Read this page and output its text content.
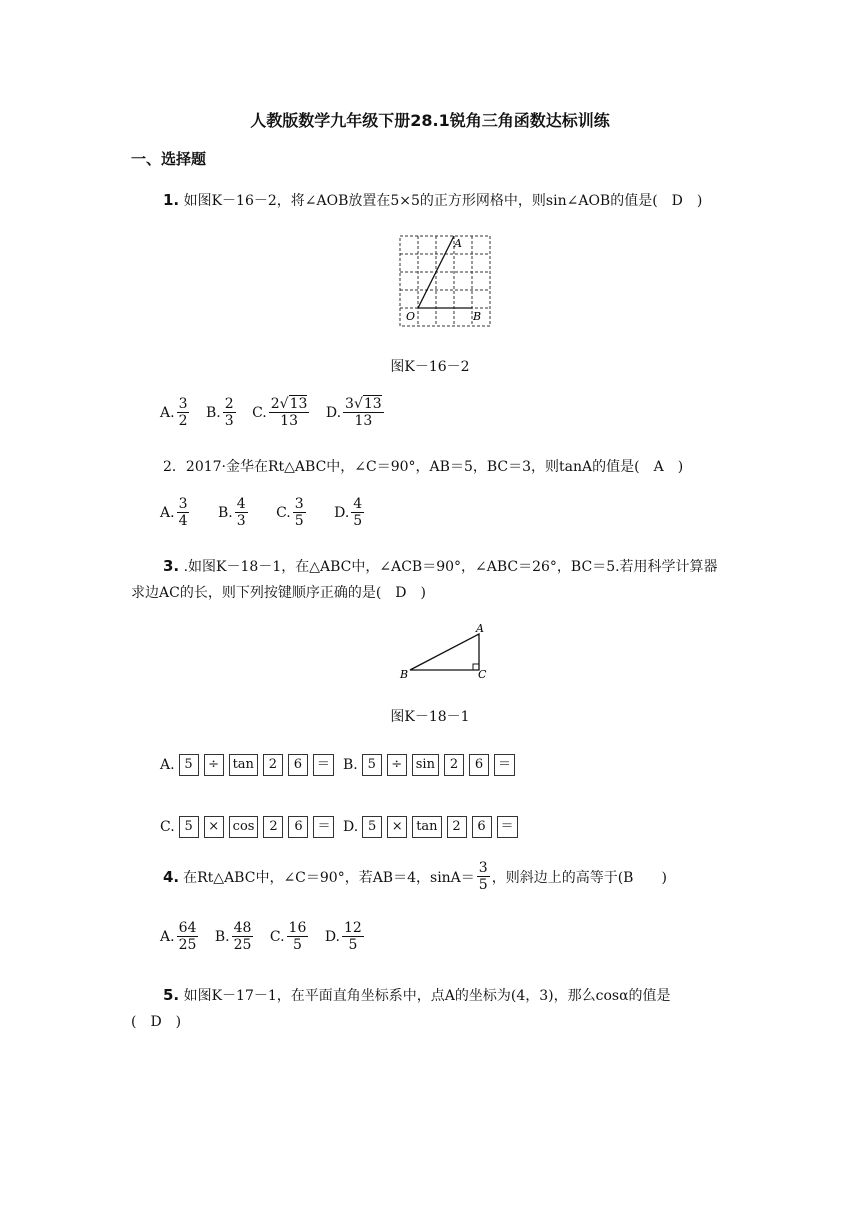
人教版数学九年级下册28.1锐角三角函数达标训练
一、选择题
1. 如图K－16－2，将∠AOB放置在5×5的正方形网格中，则sin∠AOB的值是(　D　)
A
O	B
图K－16－2
A. $\frac{3}{2}$
B. $\frac{2}{3}$
C. $\frac{2√13}{13}$
D. $\frac{3√13}{13}$
2．2017·金华在Rt△ABC中，∠C＝90°，AB＝5，BC＝3，则tanA的值是(　A　)
A. $\frac{3}{4}$
B. $\frac{4}{3}$
C. $\frac{3}{5}$
D. $\frac{4}{5}$
3. .如图K－18－1，在△ABC中，∠ACB＝90°，∠ABC＝26°，BC＝5.若用科学计算器
求边AC的长，则下列按键顺序正确的是(　D　)
A
B	C
图K－18－1
A. 5	÷	tan	2	6	＝ B. 5	÷	sin	2	6	＝
C. 5	×	cos	2	6	＝ D. 5	×	tan	2	6	＝
4. 在Rt△ABC中，∠C＝90°，若AB＝4，$\sin A= \frac{3}{5}$ ，则斜边上的高等于(B　　)
A. $\frac{64}{25}$
B. $\frac{48}{25}$
C. $\frac{16}{5}$
D. $\frac{12}{5}$
5. 如图K－17－1，在平面直角坐标系中，点A的坐标为(4，3)，那么cosα的值是
(　D　)
